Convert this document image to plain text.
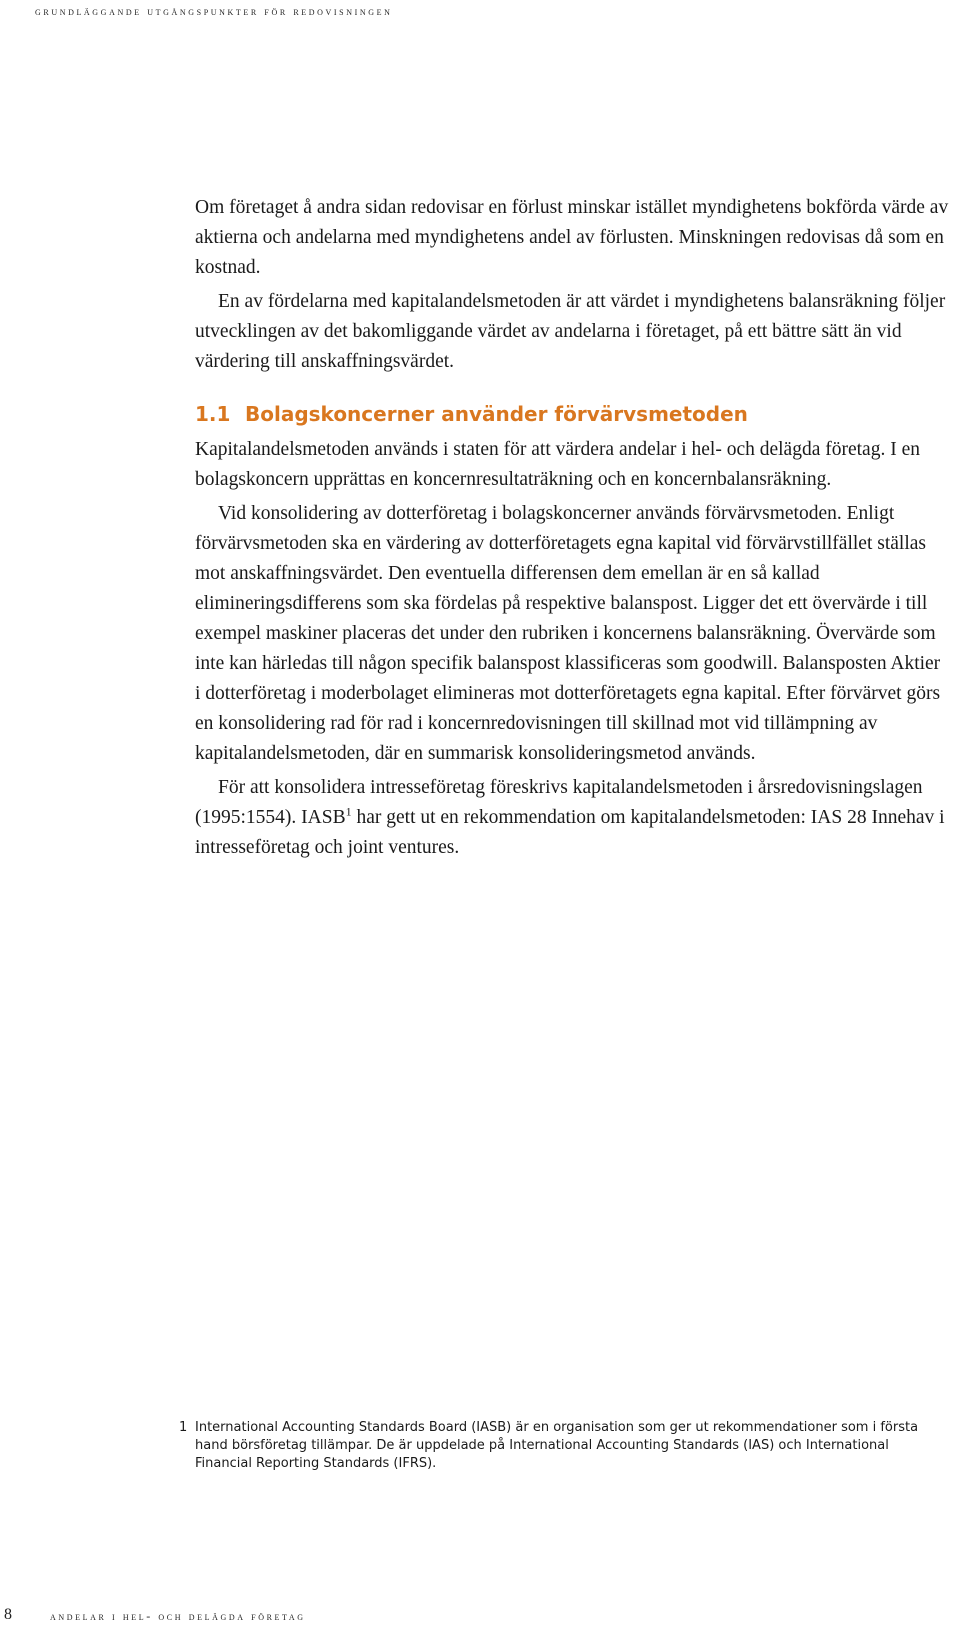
grundläggande utgångspunkter för redovisningen

Om företaget å andra sidan redovisar en förlust minskar istället myndighetens bokförda värde av aktierna och andelarna med myndighetens andel av förlusten. Minskningen redovisas då som en kostnad.

En av fördelarna med kapitalandelsmetoden är att värdet i myndighetens balansräkning följer utvecklingen av det bakomliggande värdet av andelarna i företaget, på ett bättre sätt än vid värdering till anskaffningsvärdet.

1.1 Bolagskoncerner använder förvärvsmetoden

Kapitalandelsmetoden används i staten för att värdera andelar i hel- och delägda företag. I en bolagskoncern upprättas en koncernresultaträkning och en koncernbalansräkning.

Vid konsolidering av dotterföretag i bolagskoncerner används förvärvsmetoden. Enligt förvärvsmetoden ska en värdering av dotterföretagets egna kapital vid förvärvstillfället ställas mot anskaffningsvärdet. Den eventuella differensen dem emellan är en så kallad elimineringsdifferens som ska fördelas på respektive balanspost. Ligger det ett övervärde i till exempel maskiner placeras det under den rubriken i koncernens balansräkning. Övervärde som inte kan härledas till någon specifik balanspost klassificeras som goodwill. Balansposten Aktier i dotterföretag i moderbolaget elimineras mot dotterföretagets egna kapital. Efter förvärvet görs en konsolidering rad för rad i koncernredovisningen till skillnad mot vid tillämpning av kapitalandelsmetoden, där en summarisk konsolideringsmetod används.

För att konsolidera intresseföretag föreskrivs kapitalandelsmetoden i årsredovisningslagen (1995:1554). IASB$^1$ har gett ut en rekommendation om kapitalandelsmetoden: IAS 28 Innehav i intresseföretag och joint ventures.

1 International Accounting Standards Board (IASB) är en organisation som ger ut rekommendationer som i första hand börsföretag tillämpar. De är uppdelade på International Accounting Standards (IAS) och International Financial Reporting Standards (IFRS).
8	andelar i hel- och delägda företag
